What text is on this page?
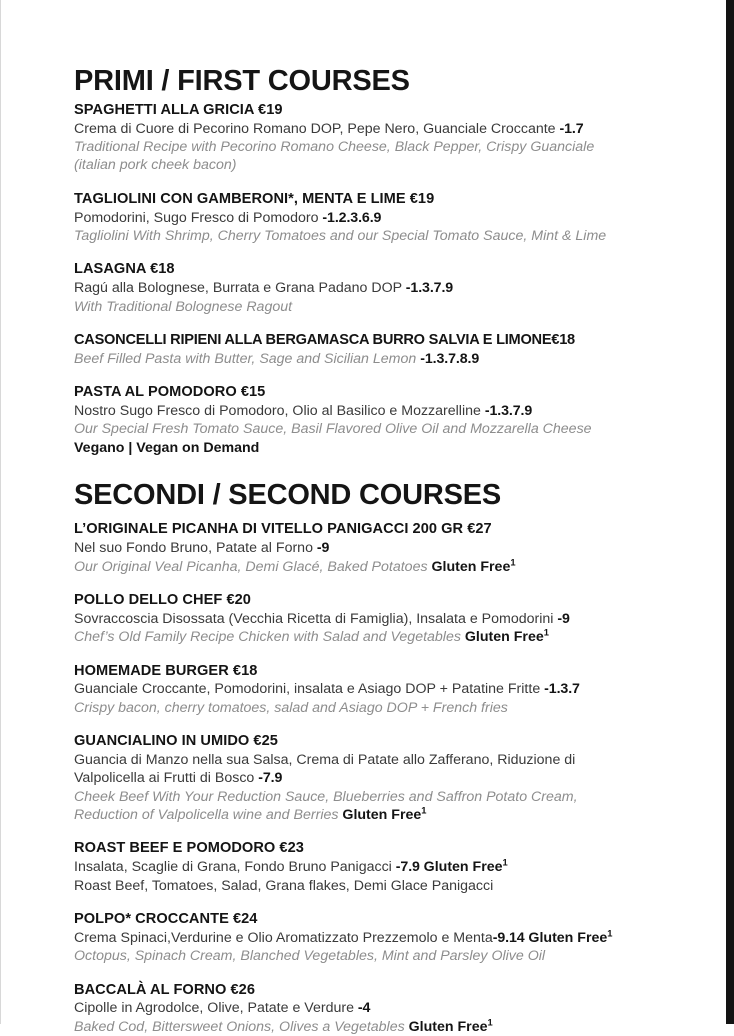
PRIMI / FIRST COURSES

SPAGHETTI ALLA GRICIA €19

Crema di Cuore di Pecorino Romano DOP, Pepe Nero, Guanciale Croccante -1.7

Traditional Recipe with Pecorino Romano Cheese, Black Pepper, Crispy Guanciale

(italian pork cheek bacon)

TAGLIOLINI CON GAMBERONI*, MENTA E LIME €19

Pomodorini, Sugo Fresco di Pomodoro -1.2.3.6.9

Tagliolini With Shrimp, Cherry Tomatoes and our Special Tomato Sauce, Mint & Lime

LASAGNA €18

Ragú alla Bolognese, Burrata e Grana Padano DOP -1.3.7.9

With Traditional Bolognese Ragout

CASONCELLI RIPIENI ALLA BERGAMASCA BURRO SALVIA E LIMONE€18

Beef Filled Pasta with Butter, Sage and Sicilian Lemon -1.3.7.8.9

PASTA AL POMODORO €15

Nostro Sugo Fresco di Pomodoro, Olio al Basilico e Mozzarelline -1.3.7.9

Our Special Fresh Tomato Sauce, Basil Flavored Olive Oil and Mozzarella Cheese

Vegano | Vegan on Demand

SECONDI / SECOND COURSES

L’ORIGINALE PICANHA DI VITELLO PANIGACCI 200 GR €27

Nel suo Fondo Bruno, Patate al Forno -9

Our Original Veal Picanha, Demi Glacé, Baked Potatoes Gluten Free$^1$

POLLO DELLO CHEF €20

Sovraccoscia Disossata (Vecchia Ricetta di Famiglia), Insalata e Pomodorini -9

Chef’s Old Family Recipe Chicken with Salad and Vegetables Gluten Free$^1$

HOMEMADE BURGER €18

Guanciale Croccante, Pomodorini, insalata e Asiago DOP + Patatine Fritte -1.3.7

Crispy bacon, cherry tomatoes, salad and Asiago DOP + French fries

GUANCIALINO IN UMIDO €25

Guancia di Manzo nella sua Salsa, Crema di Patate allo Zafferano, Riduzione di

Valpolicella ai Frutti di Bosco -7.9

Cheek Beef With Your Reduction Sauce, Blueberries and Saffron Potato Cream,

Reduction of Valpolicella wine and Berries Gluten Free$^1$

ROAST BEEF E POMODORO €23

Insalata, Scaglie di Grana, Fondo Bruno Panigacci -7.9 Gluten Free$^1$

Roast Beef, Tomatoes, Salad, Grana flakes, Demi Glace Panigacci

POLPO* CROCCANTE €24

Crema Spinaci,Verdurine e Olio Aromatizzato Prezzemolo e Menta-9.14 Gluten Free$^1$

Octopus, Spinach Cream, Blanched Vegetables, Mint and Parsley Olive Oil

BACCALÀ AL FORNO €26

Cipolle in Agrodolce, Olive, Patate e Verdure -4

Baked Cod, Bittersweet Onions, Olives a Vegetables Gluten Free$^1$
